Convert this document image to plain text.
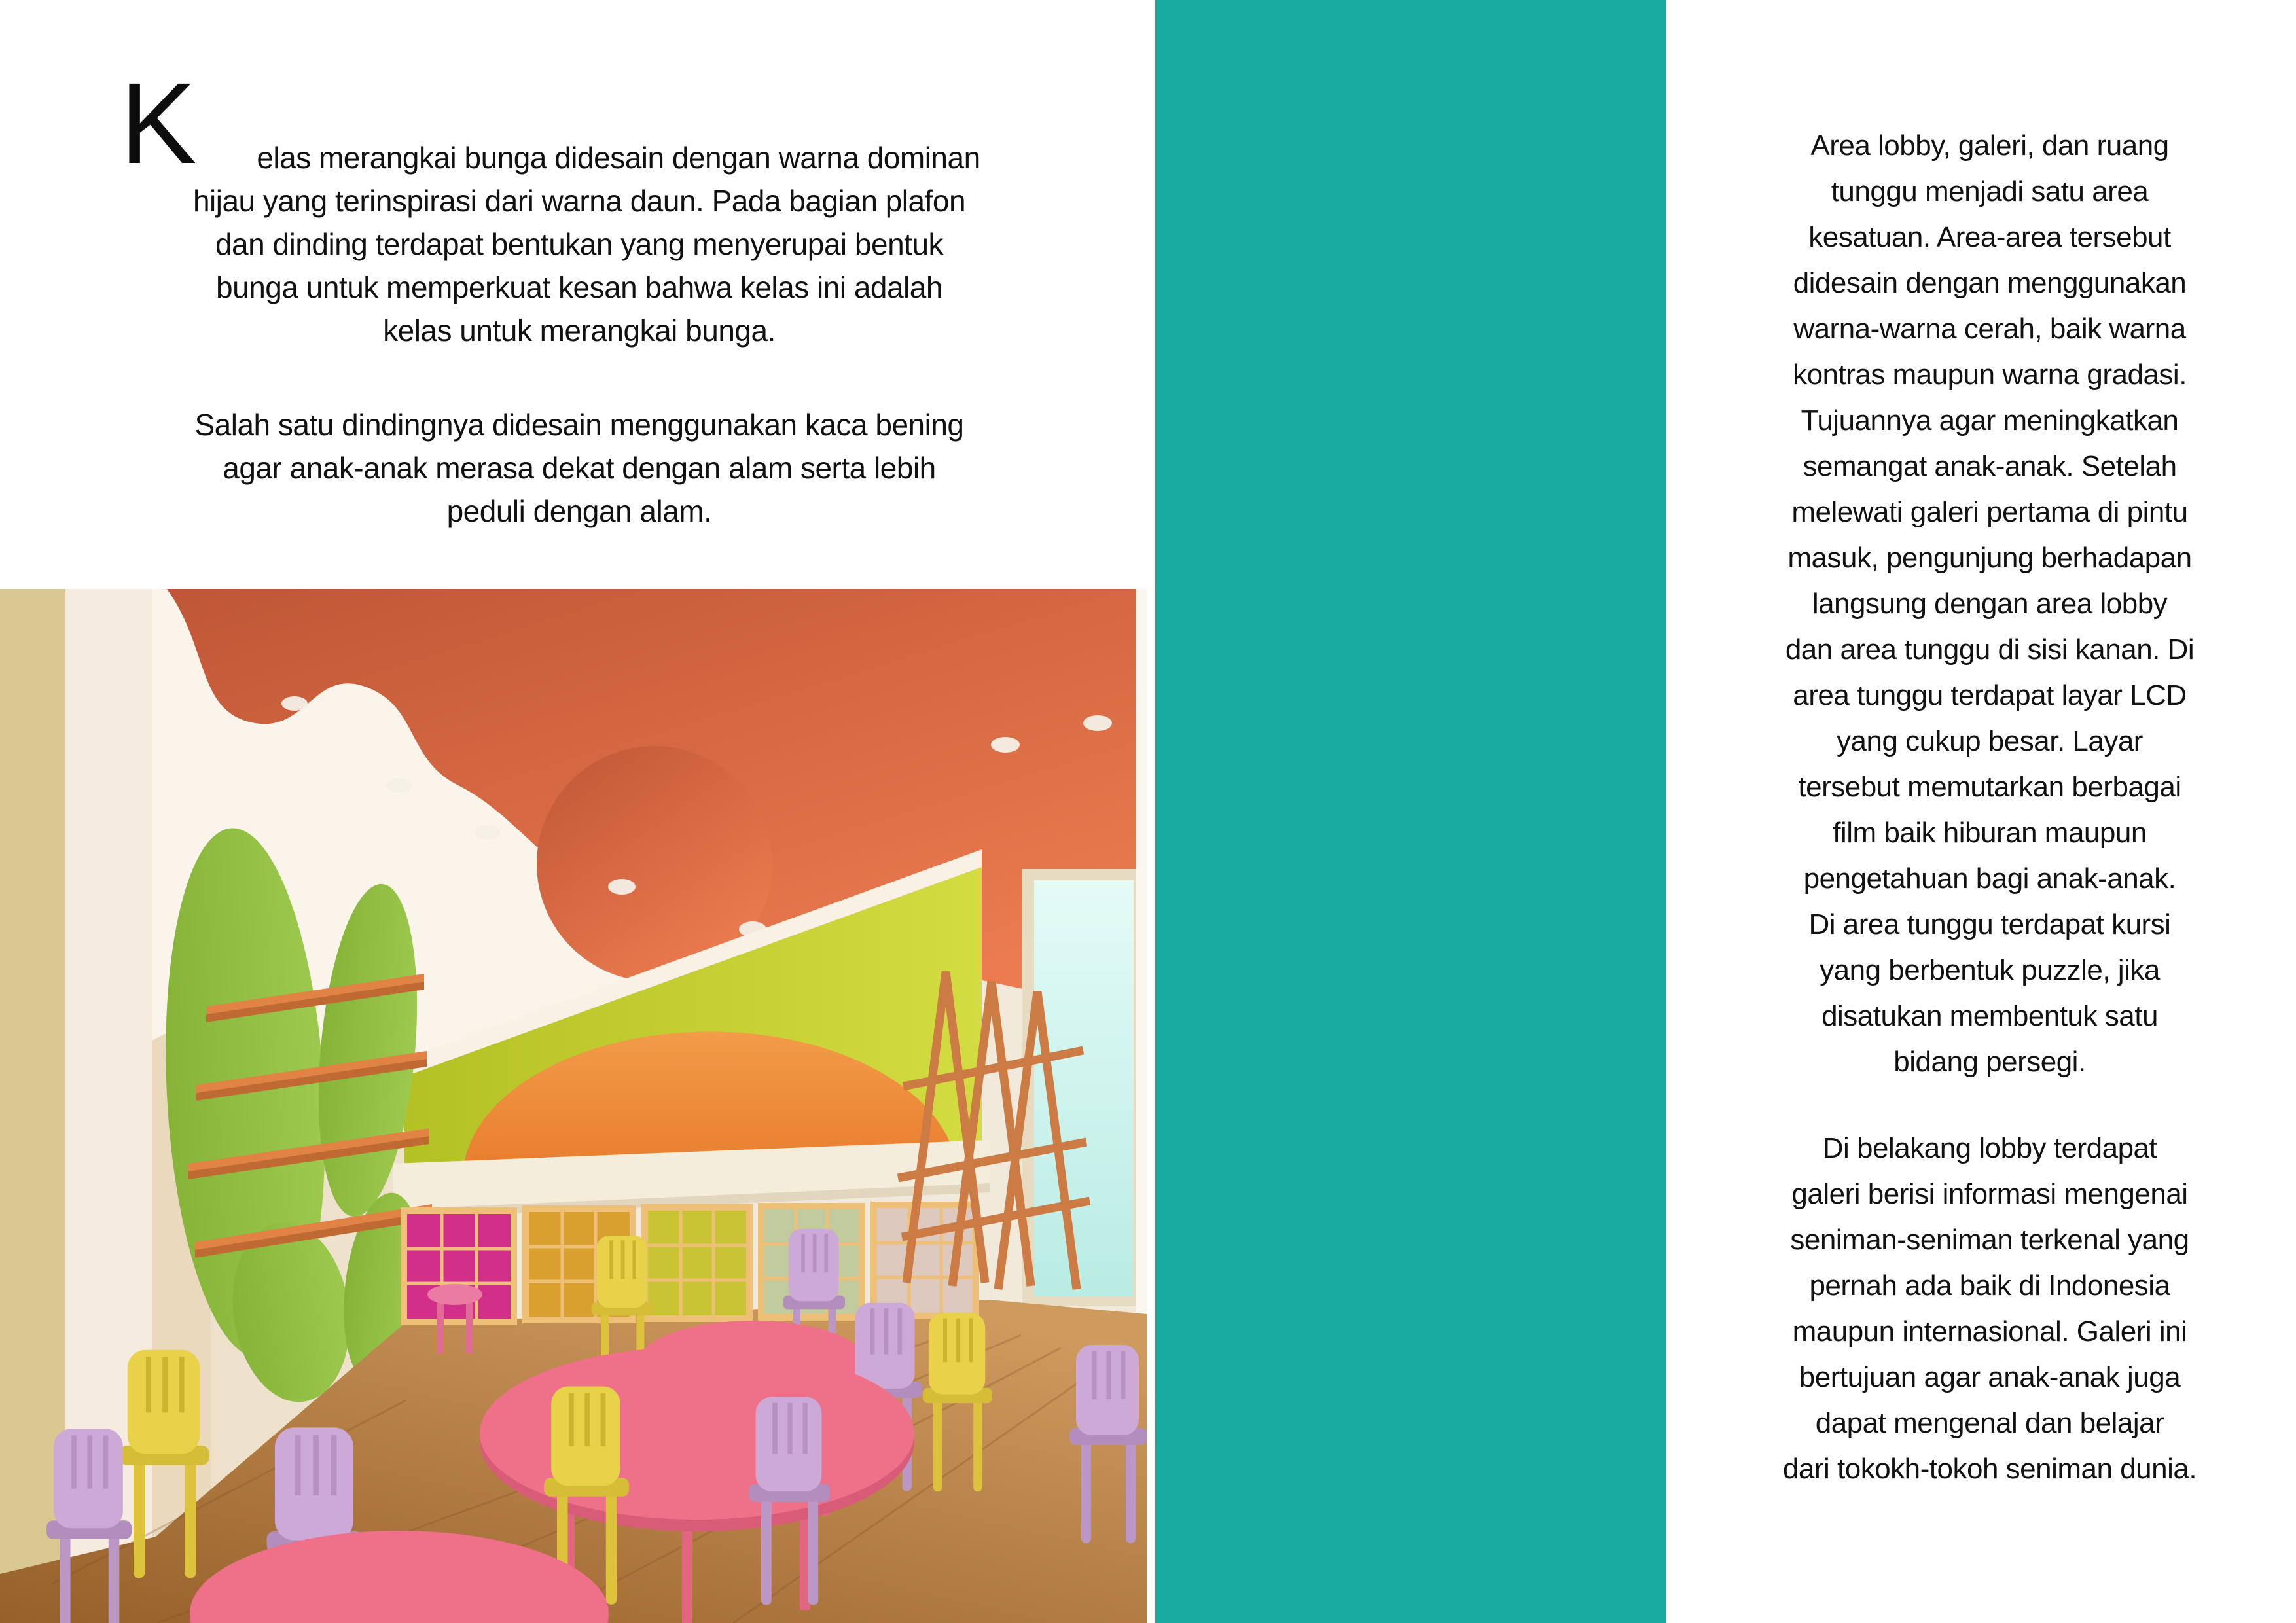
elas merangkai bunga didesain dengan warna dominan
hijau yang terinspirasi dari warna daun. Pada bagian plafon
dan dinding terdapat bentukan yang menyerupai bentuk
bunga untuk memperkuat kesan bahwa kelas ini adalah
kelas untuk merangkai bunga.
Salah satu dindingnya didesain menggunakan kaca bening
agar anak-anak merasa dekat dengan alam serta lebih
peduli dengan alam.
K	Area lobby, galeri, dan ruang
tunggu menjadi satu area
kesatuan. Area-area tersebut
didesain dengan menggunakan
warna-warna cerah, baik warna
kontras maupun warna gradasi.
Tujuannya agar meningkatkan
semangat anak-anak. Setelah
melewati galeri pertama di pintu
masuk, pengunjung berhadapan
langsung dengan area lobby
dan area tunggu di sisi kanan. Di
area tunggu terdapat layar LCD
yang cukup besar. Layar
tersebut memutarkan berbagai
film baik hiburan maupun
pengetahuan bagi anak-anak.
Di area tunggu terdapat kursi
yang berbentuk puzzle, jika
disatukan membentuk satu
bidang persegi.
Di belakang lobby terdapat
galeri berisi informasi mengenai
seniman-seniman terkenal yang
pernah ada baik di Indonesia
maupun internasional. Galeri ini
bertujuan agar anak-anak juga
dapat mengenal dan belajar
dari tokokh-tokoh seniman dunia.
